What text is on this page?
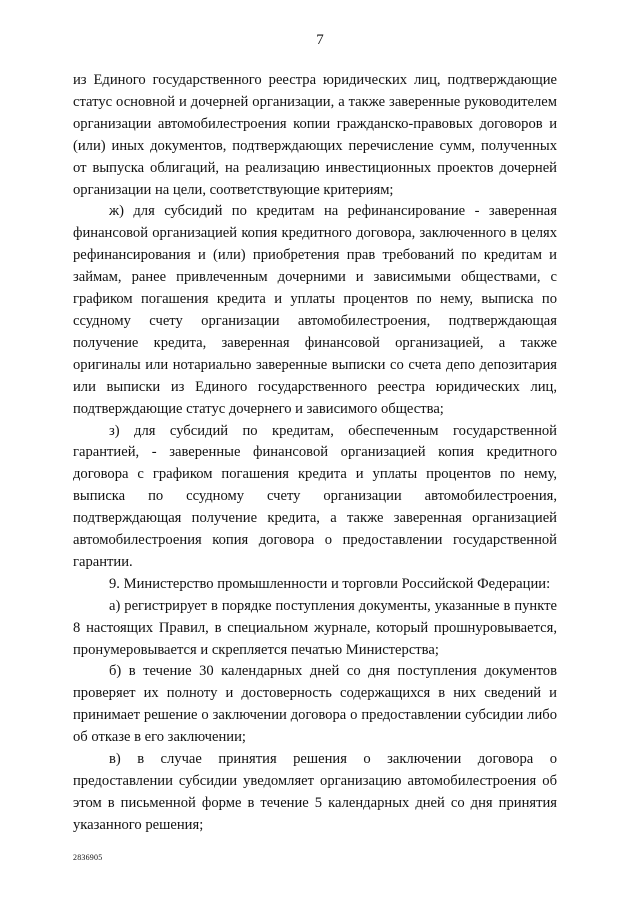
7

из Единого государственного реестра юридических лиц, подтверждающие статус основной и дочерней организации, а также заверенные руководителем организации автомобилестроения копии гражданско-правовых договоров и (или) иных документов, подтверждающих перечисление сумм, полученных от выпуска облигаций, на реализацию инвестиционных проектов дочерней организации на цели, соответствующие критериям;

ж) для субсидий по кредитам на рефинансирование - заверенная финансовой организацией копия кредитного договора, заключенного в целях рефинансирования и (или) приобретения прав требований по кредитам и займам, ранее привлеченным дочерними и зависимыми обществами, с графиком погашения кредита и уплаты процентов по нему, выписка по ссудному счету организации автомобилестроения, подтверждающая получение кредита, заверенная финансовой организацией, а также оригиналы или нотариально заверенные выписки со счета депо депозитария или выписки из Единого государственного реестра юридических лиц, подтверждающие статус дочернего и зависимого общества;

з) для субсидий по кредитам, обеспеченным государственной гарантией, - заверенные финансовой организацией копия кредитного договора с графиком погашения кредита и уплаты процентов по нему, выписка по ссудному счету организации автомобилестроения, подтверждающая получение кредита, а также заверенная организацией автомобилестроения копия договора о предоставлении государственной гарантии.

9. Министерство промышленности и торговли Российской Федерации:

а) регистрирует в порядке поступления документы, указанные в пункте 8 настоящих Правил, в специальном журнале, который прошнуровывается, пронумеровывается и скрепляется печатью Министерства;

б) в течение 30 календарных дней со дня поступления документов проверяет их полноту и достоверность содержащихся в них сведений и принимает решение о заключении договора о предоставлении субсидии либо об отказе в его заключении;

в) в случае принятия решения о заключении договора о предоставлении субсидии уведомляет организацию автомобилестроения об этом в письменной форме в течение 5 календарных дней со дня принятия указанного решения;

2836905
